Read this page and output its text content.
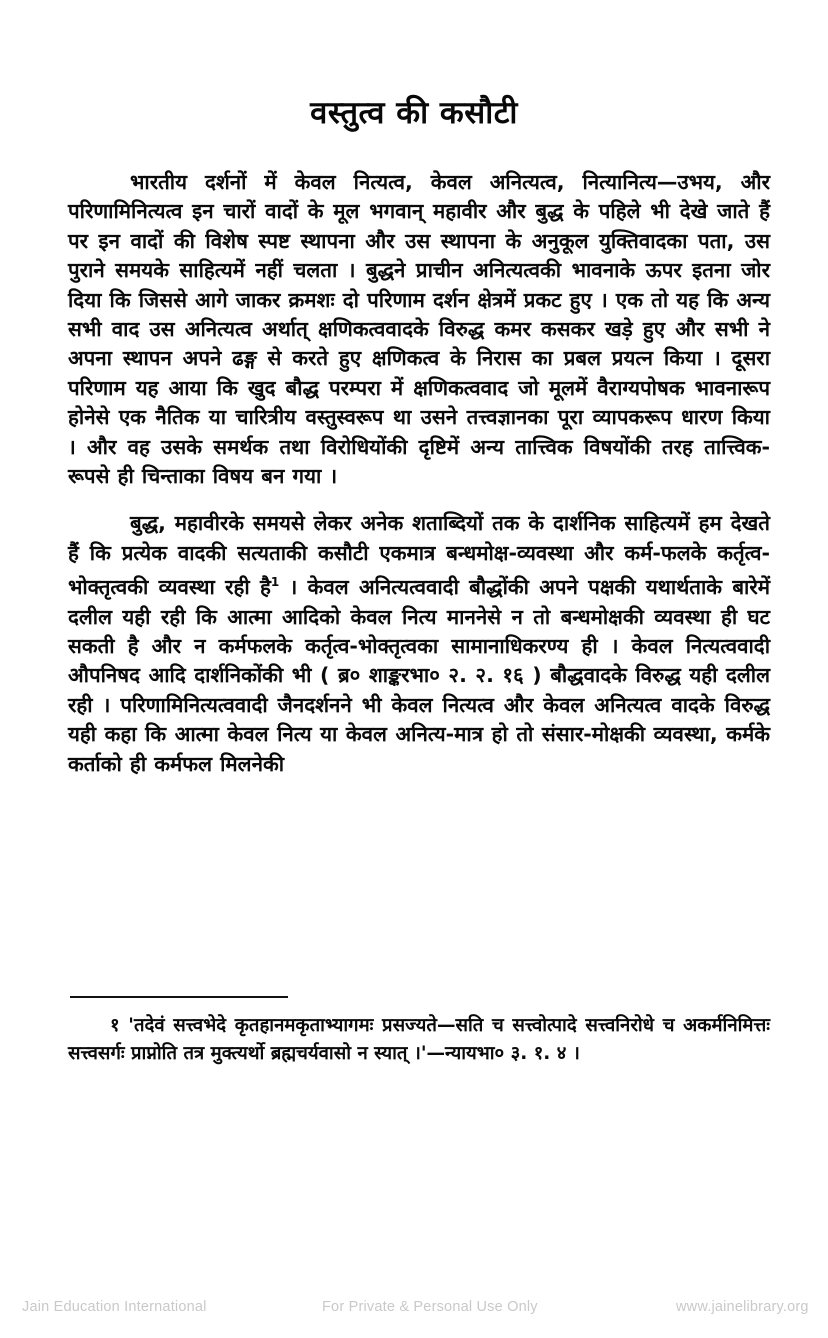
वस्तुत्व की कसौटी

भारतीय दर्शनों में केवल नित्यत्व, केवल अनित्यत्व, नित्यानित्य—उभय, और परिणामिनित्यत्व इन चारों वादों के मूल भगवान् महावीर और बुद्ध के पहिले भी देखे जाते हैं पर इन वादों की विशेष स्पष्ट स्थापना और उस स्थापना के अनुकूल युक्तिवादका पता, उस पुराने समयके साहित्यमें नहीं चलता । बुद्धने प्राचीन अनित्यत्वकी भावनाके ऊपर इतना जोर दिया कि जिससे आगे जाकर क्रमशः दो परिणाम दर्शन क्षेत्रमें प्रकट हुए । एक तो यह कि अन्य सभी वाद उस अनित्यत्व अर्थात् क्षणिकत्ववादके विरुद्ध कमर कसकर खड़े हुए और सभी ने अपना स्थापन अपने ढङ्ग से करते हुए क्षणिकत्व के निरास का प्रबल प्रयत्न किया । दूसरा परिणाम यह आया कि खुद बौद्ध परम्परा में क्षणिकत्ववाद जो मूलमें वैराग्यपोषक भावनारूप होनेसे एक नैतिक या चारित्रीय वस्तुस्वरूप था उसने तत्त्वज्ञानका पूरा व्यापकरूप धारण किया । और वह उसके समर्थक तथा विरोधियोंकी दृष्टिमें अन्य तात्त्विक विषयोंकी तरह तात्त्विक-रूपसे ही चिन्ताका विषय बन गया ।

बुद्ध, महावीरके समयसे लेकर अनेक शताब्दियों तक के दार्शनिक साहित्यमें हम देखते हैं कि प्रत्येक वादकी सत्यताकी कसौटी एकमात्र बन्धमोक्ष-व्यवस्था और कर्म-फलके कर्तृत्व-भोक्तृत्वकी व्यवस्था रही है$^1$ । केवल अनित्यत्ववादी बौद्धोंकी अपने पक्षकी यथार्थताके बारेमें दलील यही रही कि आत्मा आदिको केवल नित्य माननेसे न तो बन्धमोक्षकी व्यवस्था ही घट सकती है और न कर्मफलके कर्तृत्व-भोक्तृत्वका सामानाधिकरण्य ही । केवल नित्यत्ववादी औपनिषद आदि दार्शनिकोंकी भी ( ब्र० शाङ्करभा० २. २. १६ ) बौद्धवादके विरुद्ध यही दलील रही । परिणामिनित्यत्ववादी जैनदर्शनने भी केवल नित्यत्व और केवल अनित्यत्व वादके विरुद्ध यही कहा कि आत्मा केवल नित्य या केवल अनित्य-मात्र हो तो संसार-मोक्षकी व्यवस्था, कर्मके कर्ताको ही कर्मफल मिलनेकी

१ 'तदेवं सत्त्वभेदे कृतहानमकृताभ्यागमः प्रसज्यते—सति च सत्त्वोत्पादे सत्त्वनिरोधे च अकर्मनिमित्तः सत्त्वसर्गः प्राप्नोति तत्र मुक्त्यर्थो ब्रह्मचर्यवासो न स्यात् ।'—न्यायभा० ३. १. ४ ।

Jain Education International	For Private & Personal Use Only	www.jainelibrary.org
